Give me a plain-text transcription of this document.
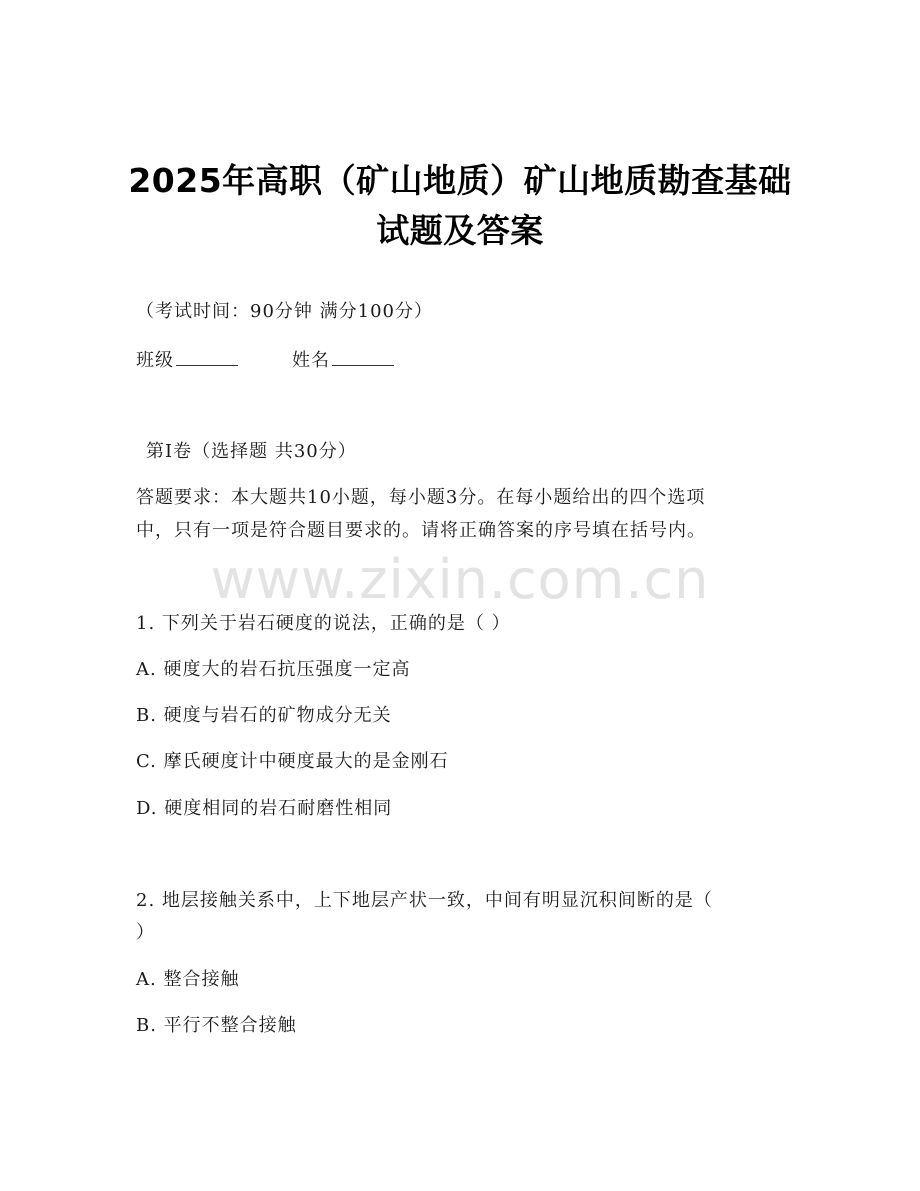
2025年高职（矿山地质）矿山地质勘查基础
试题及答案
（考试时间：90分钟 满分100分）
班级	姓名
第I卷（选择题 共30分）
答题要求：本大题共10小题，每小题3分。在每小题给出的四个选项
中，只有一项是符合题目要求的。请将正确答案的序号填在括号内。
www.zixin.com.cn
1. 下列关于岩石硬度的说法，正确的是（ ）
A. 硬度大的岩石抗压强度一定高
B. 硬度与岩石的矿物成分无关
C. 摩氏硬度计中硬度最大的是金刚石
D. 硬度相同的岩石耐磨性相同
2. 地层接触关系中，上下地层产状一致，中间有明显沉积间断的是（
）
A. 整合接触
B. 平行不整合接触
